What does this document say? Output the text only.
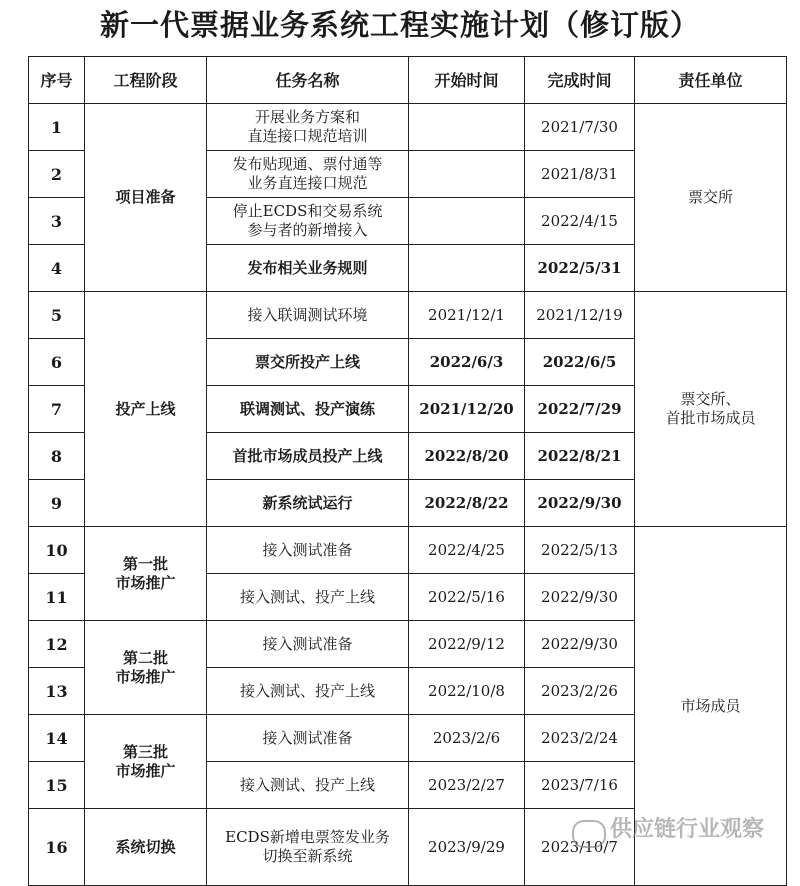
新一代票据业务系统工程实施计划（修订版）
序号	工程阶段	任务名称	开始时间	完成时间	责任单位	
1	项目准备	开展业务方案和
直连接口规范培训		2021/7/30	票交所	
2		发布贴现通、票付通等
业务直连接口规范		2021/8/31		
3		停止ECDS和交易系统
参与者的新增接入		2022/4/15		
4		发布相关业务规则		2022/5/31		
5	投产上线	接入联调测试环境	2021/12/1	2021/12/19	票交所、
首批市场成员	

6		票交所投产上线	2022/6/3	2022/6/5		
7		联调测试、投产演练	2021/12/20	2022/7/29		
8		首批市场成员投产上线	2022/8/20	2022/8/21		
9		新系统试运行	2022/8/22	2022/9/30		
10	第一批
市场推广	接入测试准备	2022/4/25	2022/5/13	市场成员	
11		接入测试、投产上线	2022/5/16	2022/9/30		
12	第二批
市场推广	接入测试准备	2022/9/12	2022/9/30		
13		接入测试、投产上线	2022/10/8	2023/2/26		
14	第三批
市场推广	接入测试准备	2023/2/6	2023/2/24		
15		接入测试、投产上线	2023/2/27	2023/7/16		
16	系统切换	ECDS新增电票签发业务
切换至新系统	2023/9/29	2023/10/7	
供应链行业观察
